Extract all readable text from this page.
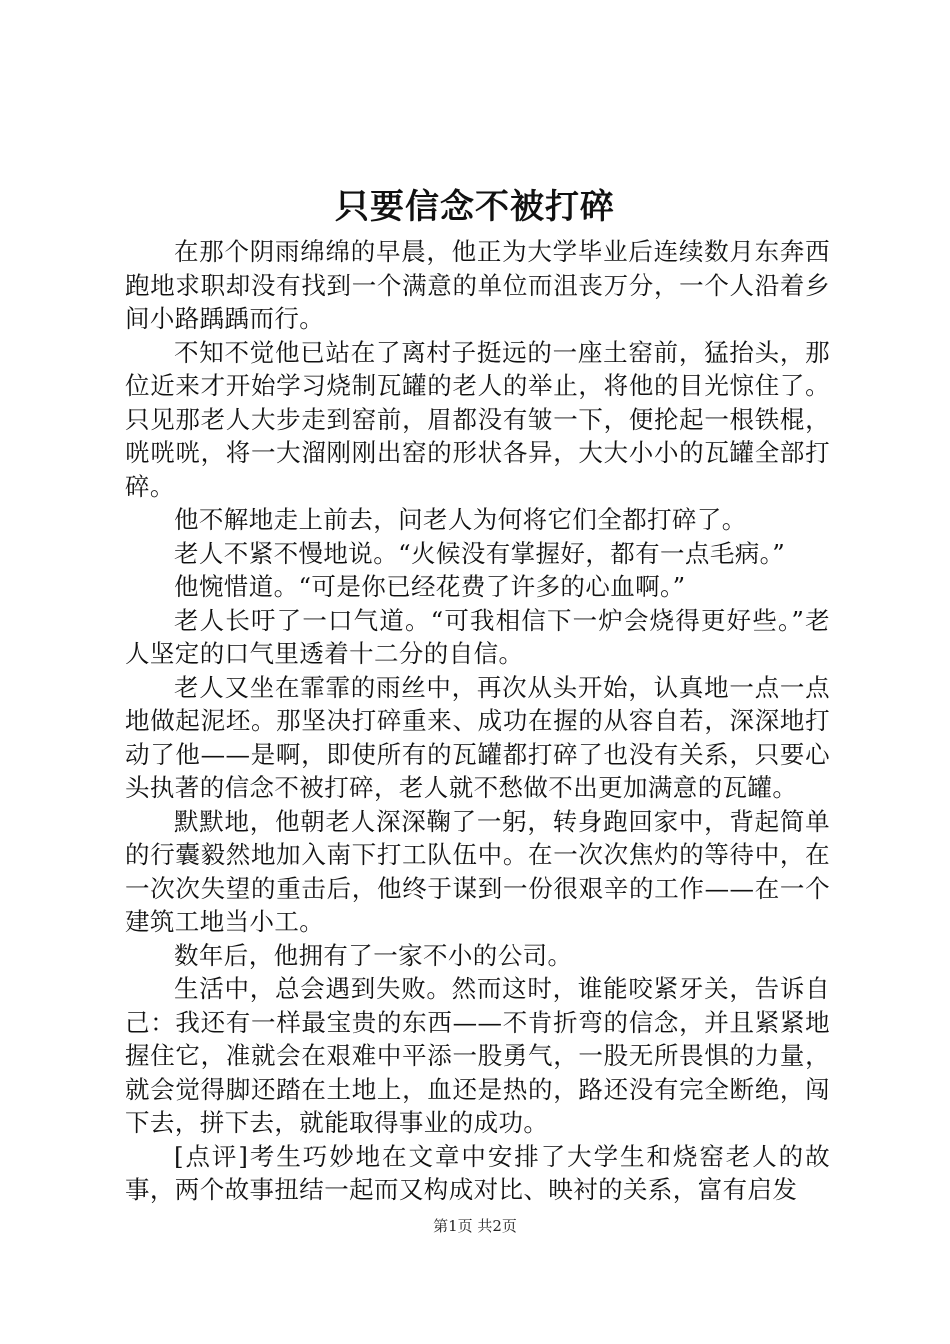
只要信念不被打碎

在那个阴雨绵绵的早晨，他正为大学毕业后连续数月东奔西跑地求职却没有找到一个满意的单位而沮丧万分，一个人沿着乡间小路踽踽而行。

不知不觉他已站在了离村子挺远的一座土窑前，猛抬头，那位近来才开始学习烧制瓦罐的老人的举止，将他的目光惊住了。只见那老人大步走到窑前，眉都没有皱一下，便抡起一根铁棍，咣咣咣，将一大溜刚刚出窑的形状各异，大大小小的瓦罐全部打碎。

他不解地走上前去，问老人为何将它们全都打碎了。

老人不紧不慢地说。“火候没有掌握好，都有一点毛病。”

他惋惜道。“可是你已经花费了许多的心血啊。”

老人长吁了一口气道。“可我相信下一炉会烧得更好些。”老人坚定的口气里透着十二分的自信。

老人又坐在霏霏的雨丝中，再次从头开始，认真地一点一点地做起泥坯。那坚决打碎重来、成功在握的从容自若，深深地打动了他——是啊，即使所有的瓦罐都打碎了也没有关系，只要心头执著的信念不被打碎，老人就不愁做不出更加满意的瓦罐。

默默地，他朝老人深深鞠了一躬，转身跑回家中，背起简单的行囊毅然地加入南下打工队伍中。在一次次焦灼的等待中，在一次次失望的重击后，他终于谋到一份很艰辛的工作——在一个建筑工地当小工。

数年后，他拥有了一家不小的公司。

生活中，总会遇到失败。然而这时，谁能咬紧牙关，告诉自己：我还有一样最宝贵的东西——不肯折弯的信念，并且紧紧地握住它，准就会在艰难中平添一股勇气，一股无所畏惧的力量，就会觉得脚还踏在土地上，血还是热的，路还没有完全断绝，闯下去，拼下去，就能取得事业的成功。

[点评]考生巧妙地在文章中安排了大学生和烧窑老人的故事，两个故事扭结一起而又构成对比、映衬的关系，富有启发

第1页 共2页
